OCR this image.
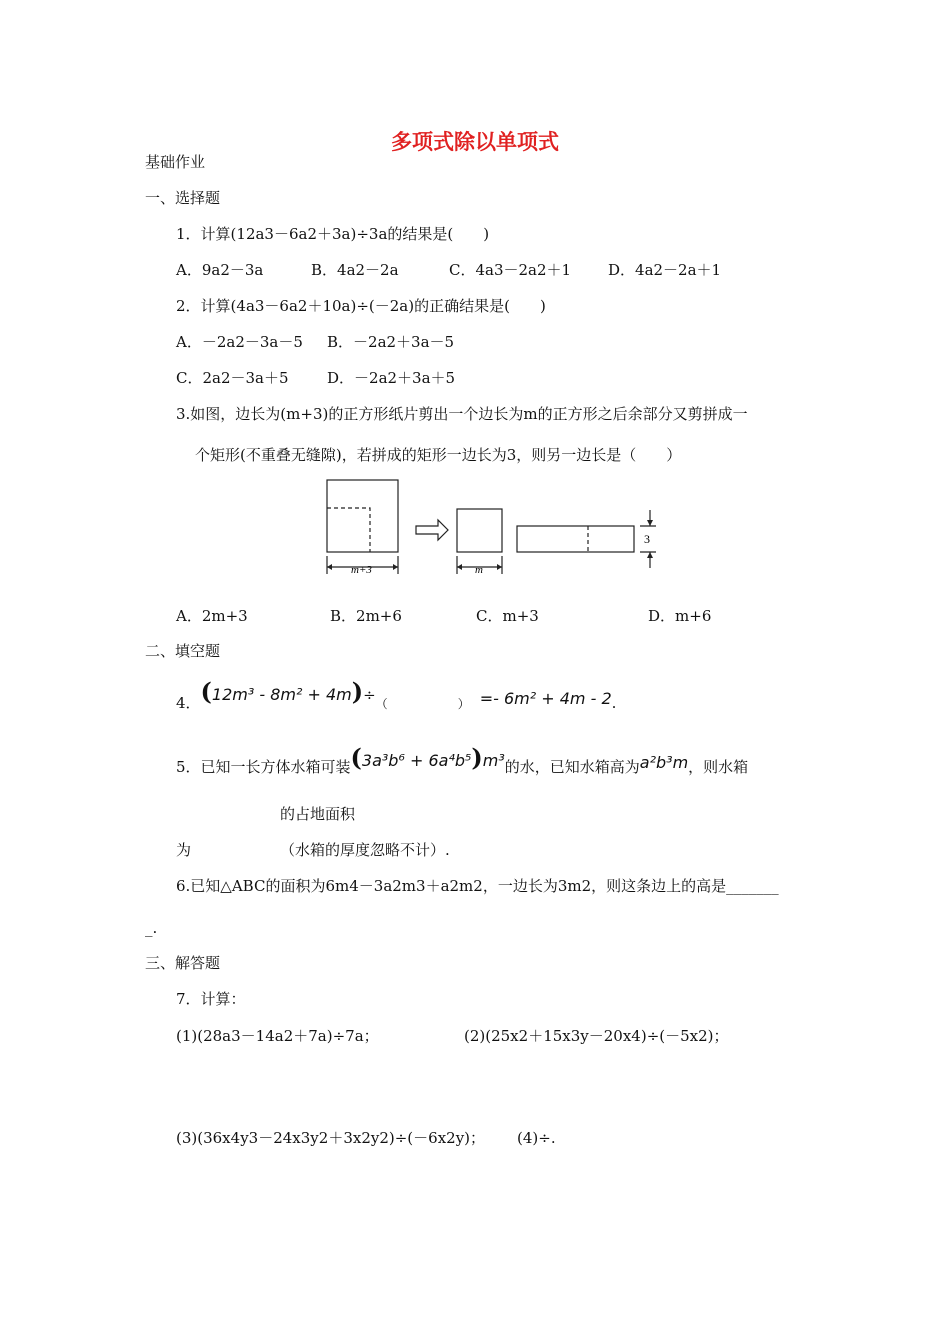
多项式除以单项式
基础作业
一、选择题
1．计算(12a3－6a2＋3a)÷3a的结果是(　　)
A．9a2－3a	B．4a2－2a	C．4a3－2a2＋1 D．4a2－2a＋1
2．计算(4a3－6a2＋10a)÷(－2a)的正确结果是(　　)
A．－2a2－3a－5 B．－2a2＋3a－5
C．2a2－3a＋5	D．－2a2＋3a＋5
3.如图，边长为(m+3)的正方形纸片剪出一个边长为m的正方形之后余部分又剪拼成一
个矩形(不重叠无缝隙)，若拼成的矩形一边长为3，则另一边长是（　　）
m+3	m
3
A．2m+3	B．2m+6	C．m+3	D．m+6
二、填空题
4．(12m³ - 8m² + 4m)÷（	） =- 6m² + 4m - 2.
5．已知一长方体水箱可装(3a³b⁶ + 6a⁴b⁵)m³的水，已知水箱高为a²b³m，则水箱
的占地面积
为	（水箱的厚度忽略不计）.
6.已知△ABC的面积为6m4－3a2m3＋a2m2，一边长为3m2，则这条边上的高是_______
_.
三、解答题
7．计算：
(1)(28a3－14a2＋7a)÷7a；	(2)(25x2＋15x3y－20x4)÷(－5x2)；
(3)(36x4y3－24x3y2＋3x2y2)÷(－6x2y)； (4)÷.
